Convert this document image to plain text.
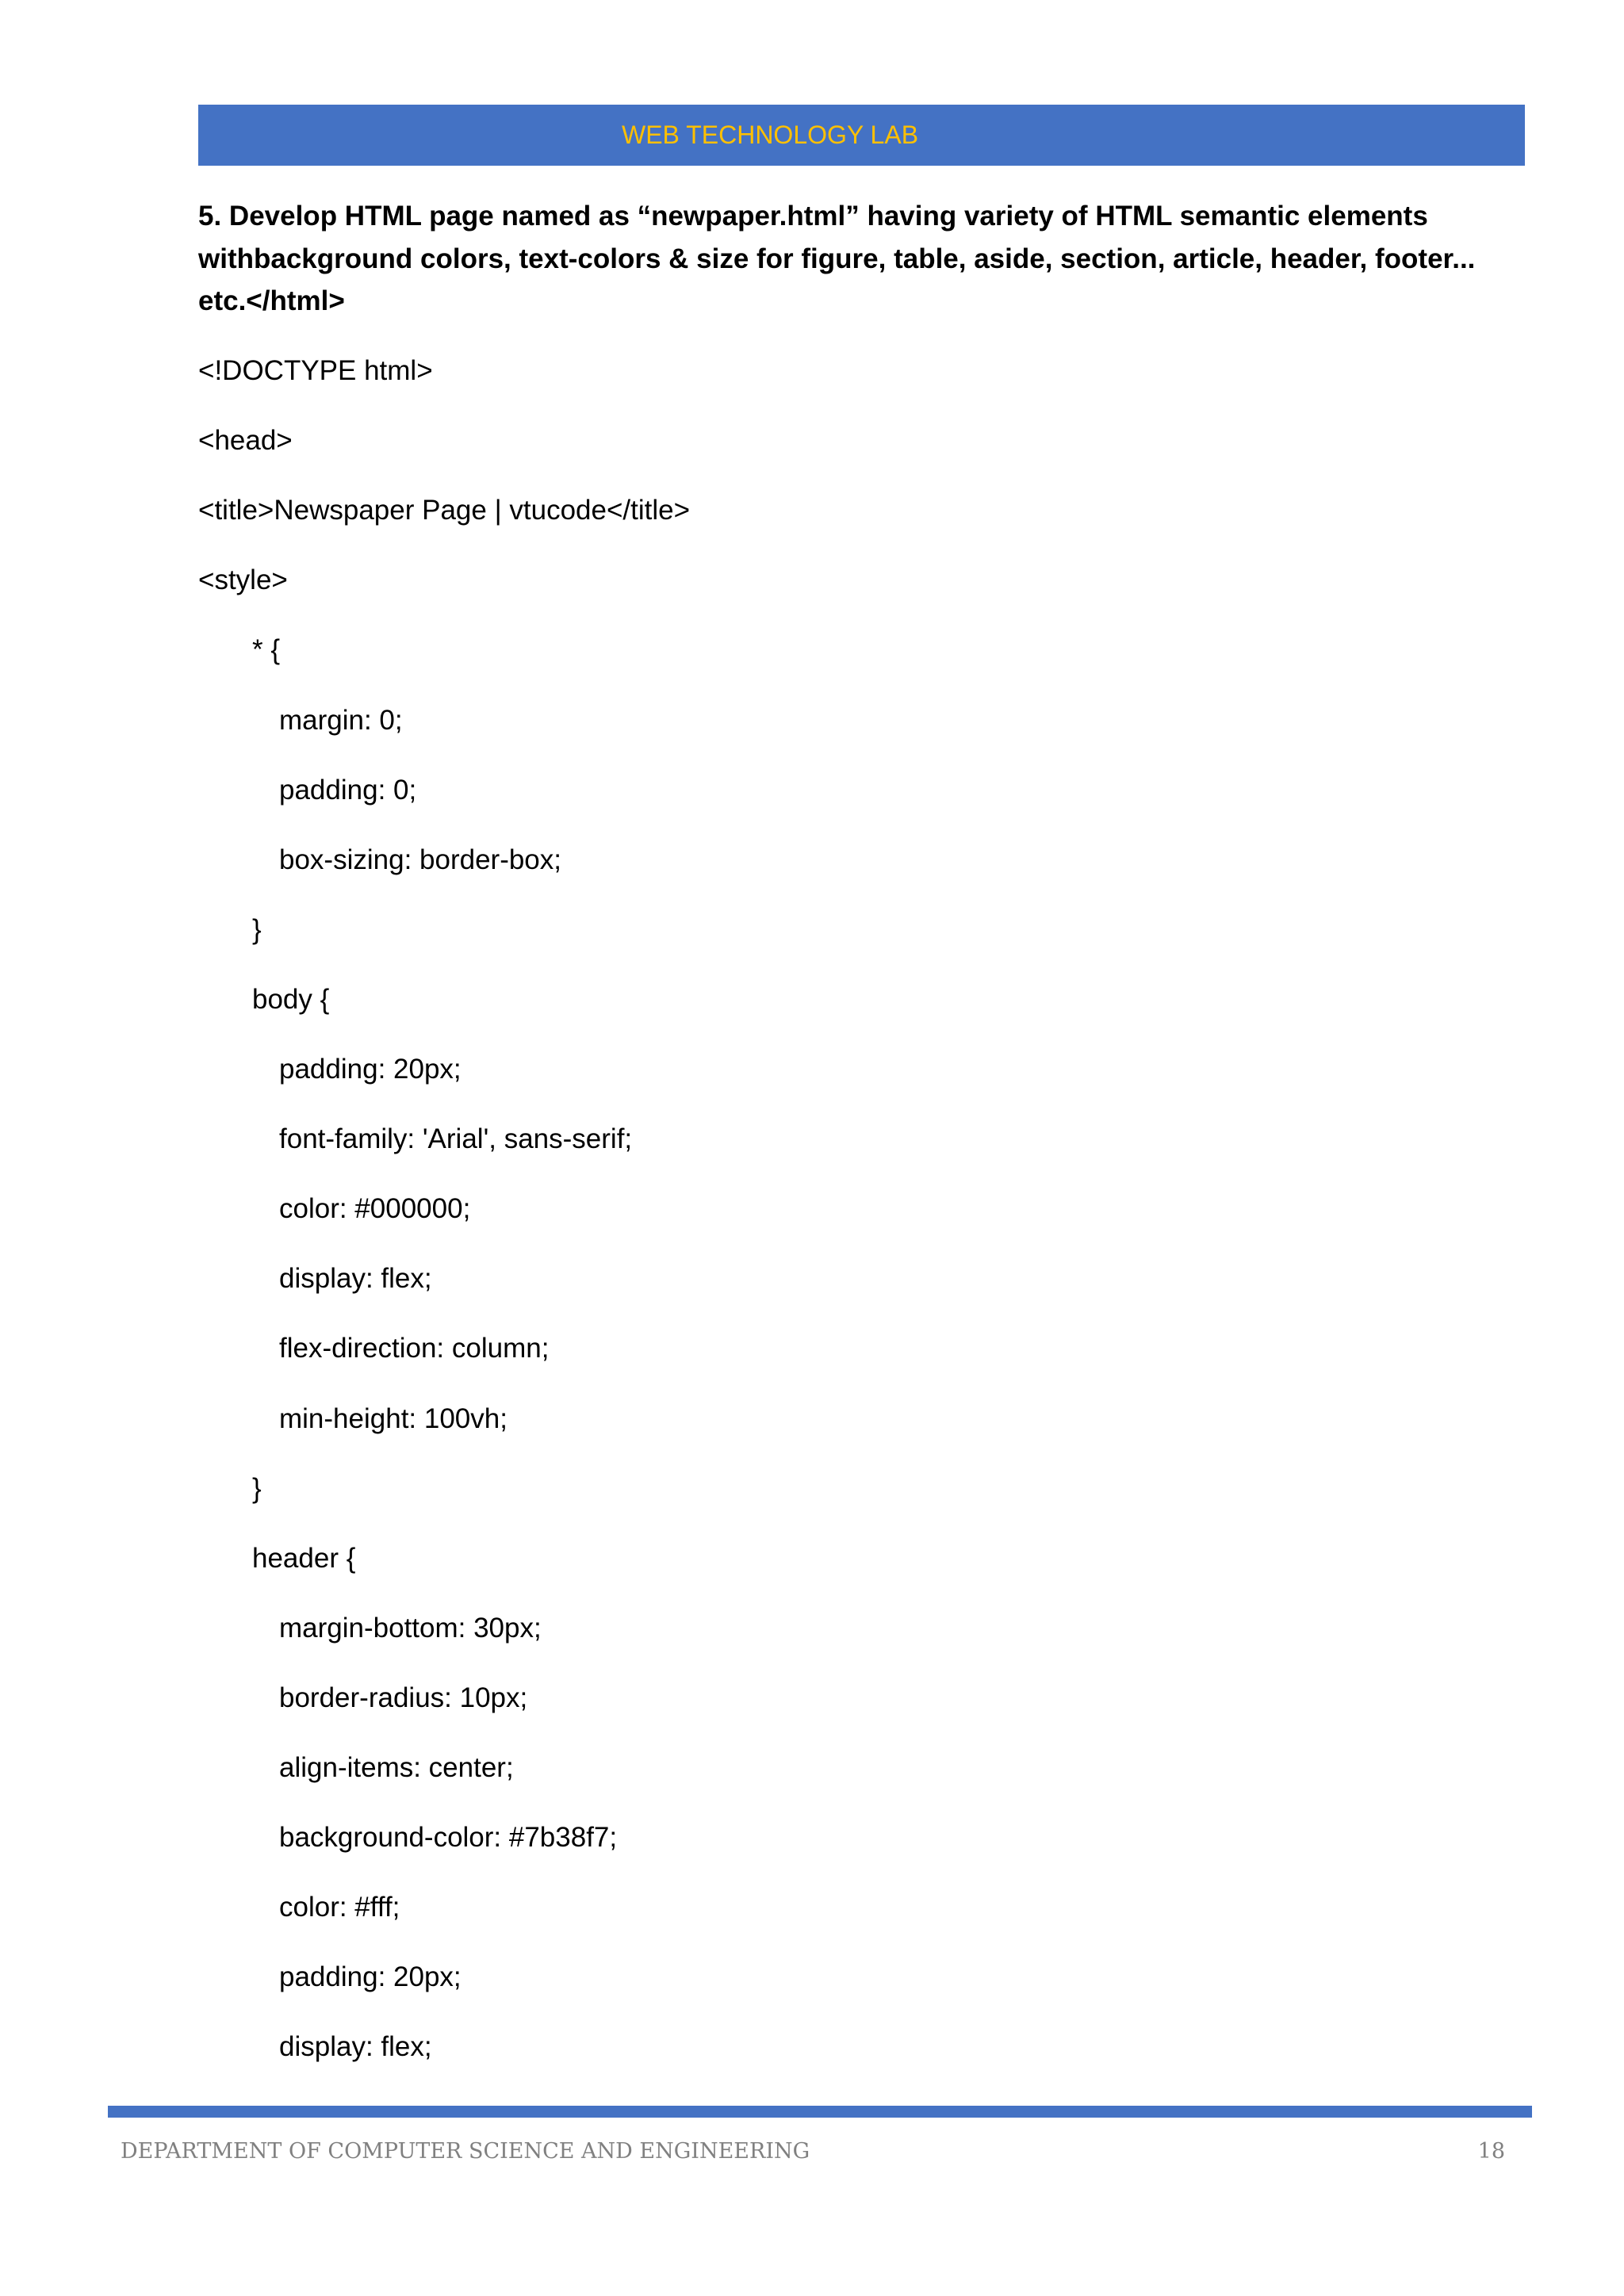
WEB TECHNOLOGY LAB

5. Develop HTML page named as “newpaper.html” having variety of HTML semantic elements withbackground colors, text-colors & size for figure, table, aside, section, article, header, footer... etc.</html>

<!DOCTYPE html>
<head>
<title>Newspaper Page | vtucode</title>
<style>
* {
margin: 0;
padding: 0;
box-sizing: border-box;
}
body {
padding: 20px;
font-family: 'Arial', sans-serif;
color: #000000;
display: flex;
flex-direction: column;
min-height: 100vh;
}
header {
margin-bottom: 30px;
border-radius: 10px;
align-items: center;
background-color: #7b38f7;
color: #fff;
padding: 20px;
display: flex;
DEPARTMENT OF COMPUTER SCIENCE AND ENGINEERING	18
